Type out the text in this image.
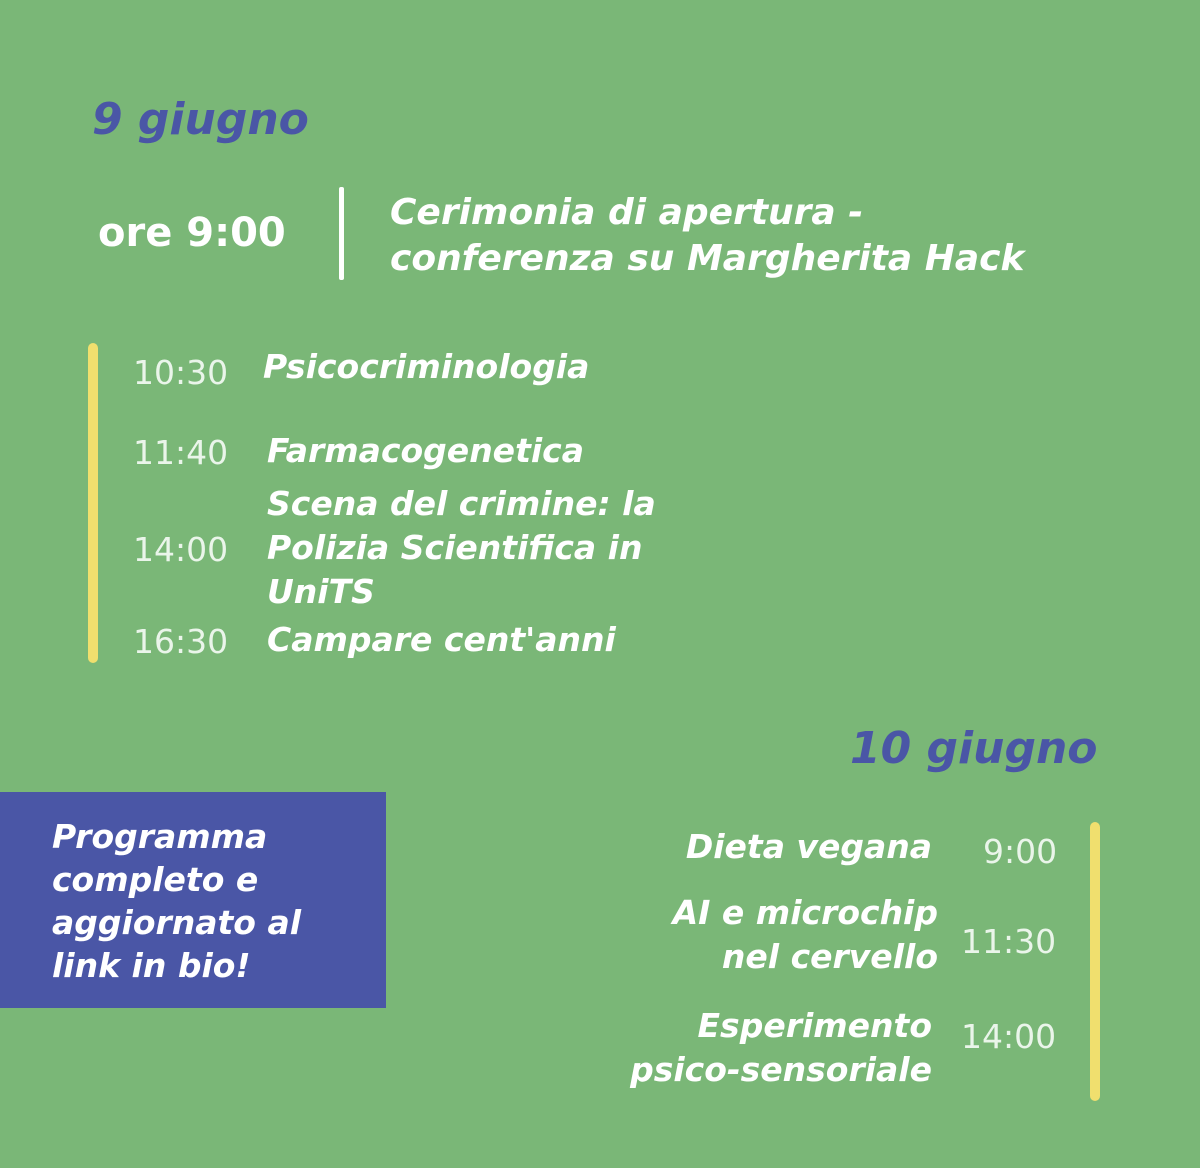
9 giugno
ore 9:00	Cerimonia di apertura -
conferenza su Margherita Hack
10:30 Psicocriminologia
11:40 Farmacogenetica
14:00
Scena del crimine: la
Polizia Scientifica in
UniTS
16:30 Campare cent'anni
10 giugno
Programma
completo e
aggiornato al
link in bio!
Dieta vegana 9:00
AI e microchip
nel cervello 11:30
Esperimento
psico-sensoriale
14:00
